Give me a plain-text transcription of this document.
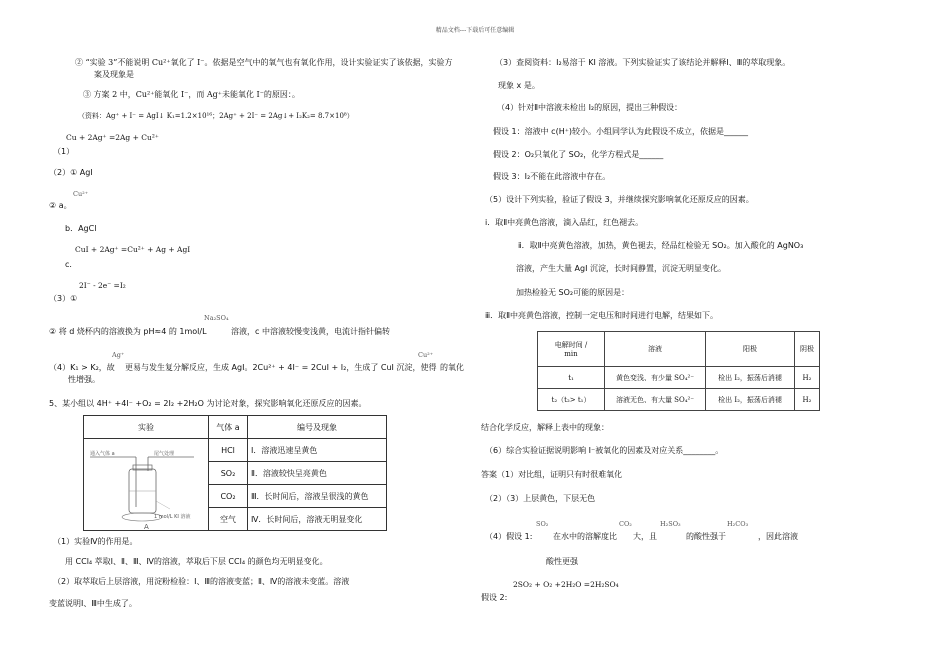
精品文档---下载后可任意编辑
② “实验 3”不能说明 Cu²⁺氧化了 I⁻。依据是空气中的氧气也有氧化作用，设计实验证实了该依据，实验方
案及现象是
③ 方案 2 中，Cu²⁺能氧化 I⁻，而 Ag⁺未能氧化 I⁻的原因：。
（资料：Ag⁺ + I⁻ = AgI↓ K₁=1.2×10¹⁶；2Ag⁺ + 2I⁻ = 2Ag↓+ I₂K₂= 8.7×10⁸）
Cu + 2Ag⁺ =2Ag + Cu²⁺
（1）
（2）① AgI
Cu²⁺
② a。
b．AgCl
CuI + 2Ag⁺ =Cu²⁺ + Ag + AgI
c.
2I⁻ - 2e⁻ =I₂
（3）①
Na₂SO₄
② 将 d 烧杯内的溶液换为 pH≈4 的 1mol/L	溶液，c 中溶液较慢变浅黄，电流计指针偏转
Ag⁺	Cu²⁺
（4）K₁ > K₂，故 更易与发生复分解反应，生成 AgI。2Cu²⁺ + 4I⁻ = 2CuI + I₂，生成了 CuI 沉淀，使得 的氧化
性增强。
5、某小组以 4H⁺ +4I⁻ +O₂ = 2I₂ +2H₂O 为讨论对象，探究影响氧化还原反应的因素。
实验	气体 a	编号及现象

通入气体 a 尾气处理
1 mol/L KI 溶液
A	HCl	Ⅰ．溶液迅速呈黄色
	SO₂	Ⅱ．溶液较快呈亮黄色
	CO₂	Ⅲ．长时间后，溶液呈很浅的黄色
	空气	Ⅳ．长时间后，溶液无明显变化
（1）实验Ⅳ的作用是。
用 CCl₄ 萃取Ⅰ、Ⅱ、Ⅲ、Ⅳ的溶液，萃取后下层 CCl₄ 的颜色均无明显变化。
（2）取萃取后上层溶液，用淀粉检验：Ⅰ、Ⅲ的溶液变蓝；Ⅱ、Ⅳ的溶液未变蓝。溶液
变蓝说明Ⅰ、Ⅲ中生成了。
（3）查阅资料：I₂易溶于 KI 溶液。下列实验证实了该结论并解释Ⅰ、Ⅲ的萃取现象。
现象 x 是。
（4）针对Ⅱ中溶液未检出 I₂的原因，提出三种假设：
假设 1：溶液中 c(H⁺)较小。小组同学认为此假设不成立，依据是______
假设 2：O₂只氧化了 SO₂，化学方程式是______
假设 3：I₂不能在此溶液中存在。
（5）设计下列实验，验证了假设 3，并继续探究影响氧化还原反应的因素。
ⅰ．取Ⅱ中亮黄色溶液，滴入品红，红色褪去。
ⅱ．取Ⅱ中亮黄色溶液，加热，黄色褪去，经品红检验无 SO₂。加入酸化的 AgNO₃
溶液，产生大量 AgI 沉淀，长时间静置，沉淀无明显变化。
加热检验无 SO₂可能的原因是：
ⅲ．取Ⅱ中亮黄色溶液，控制一定电压和时间进行电解，结果如下。
电解时间 /
min	溶液	阳极	阴极
t₁	黄色变浅、有少量 SO₄²⁻	检出 I₂，振荡后消褪	H₂
t₂（t₂> t₁）	溶液无色、有大量 SO₄²⁻	检出 I₂，振荡后消褪	H₂
结合化学反应，解释上表中的现象：
（6）综合实验证据说明影响 I⁻被氧化的因素及对应关系________。
答案（1）对比组，证明只有时很难氧化
（2）（3）上层黄色，下层无色
SO₂	CO₂	H₂SO₃	H₂CO₃
（4）假设 1:	在水中的溶解度比 大，且	的酸性强于	，因此溶液
酸性更强
2SO₂ + O₂ +2H₂O =2H₂SO₄
假设 2:
